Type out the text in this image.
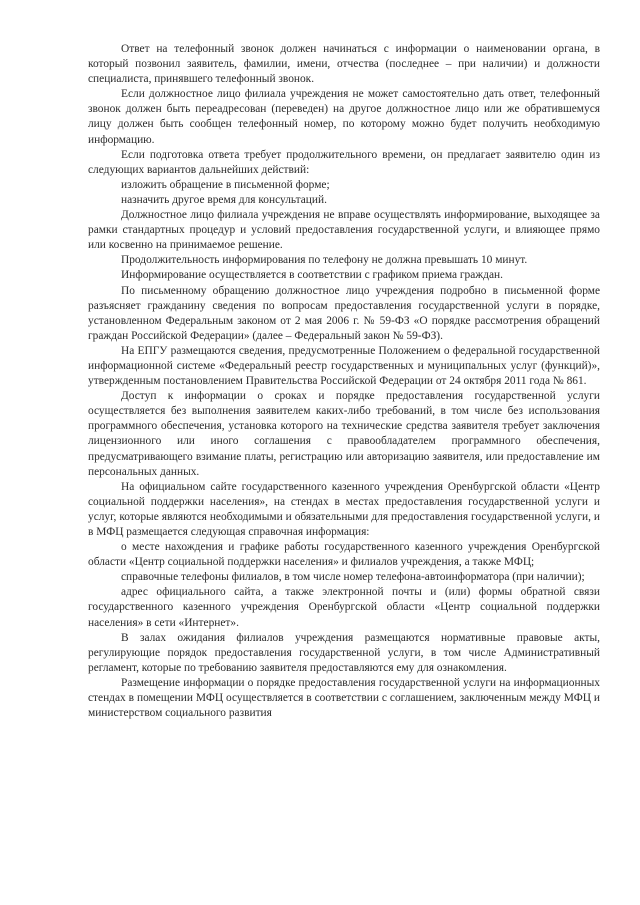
Ответ на телефонный звонок должен начинаться с информации о наименовании органа, в который позвонил заявитель, фамилии, имени, отчества (последнее – при наличии) и должности специалиста, принявшего телефонный звонок.

Если должностное лицо филиала учреждения не может самостоятельно дать ответ, телефонный звонок должен быть переадресован (переведен) на другое должностное лицо или же обратившемуся лицу должен быть сообщен телефонный номер, по которому можно будет получить необходимую информацию.

Если подготовка ответа требует продолжительного времени, он предлагает заявителю один из следующих вариантов дальнейших действий:

изложить обращение в письменной форме;

назначить другое время для консультаций.

Должностное лицо филиала учреждения не вправе осуществлять информирование, выходящее за рамки стандартных процедур и условий предоставления государственной услуги, и влияющее прямо или косвенно на принимаемое решение.

Продолжительность информирования по телефону не должна превышать 10 минут.

Информирование осуществляется в соответствии с графиком приема граждан.

По письменному обращению должностное лицо учреждения подробно в письменной форме разъясняет гражданину сведения по вопросам предоставления государственной услуги в порядке, установленном Федеральным законом от 2 мая 2006 г. № 59-ФЗ «О порядке рассмотрения обращений граждан Российской Федерации» (далее – Федеральный закон № 59-ФЗ).

На ЕПГУ размещаются сведения, предусмотренные Положением о федеральной государственной информационной системе «Федеральный реестр государственных и муниципальных услуг (функций)», утвержденным постановлением Правительства Российской Федерации от 24 октября 2011 года № 861.

Доступ к информации о сроках и порядке предоставления государственной услуги осуществляется без выполнения заявителем каких-либо требований, в том числе без использования программного обеспечения, установка которого на технические средства заявителя требует заключения лицензионного или иного соглашения с правообладателем программного обеспечения, предусматривающего взимание платы, регистрацию или авторизацию заявителя, или предоставление им персональных данных.

На официальном сайте государственного казенного учреждения Оренбургской области «Центр социальной поддержки населения», на стендах в местах предоставления государственной услуги и услуг, которые являются необходимыми и обязательными для предоставления государственной услуги, и в МФЦ размещается следующая справочная информация:

о месте нахождения и графике работы государственного казенного учреждения Оренбургской области «Центр социальной поддержки населения» и филиалов учреждения, а также МФЦ;

справочные телефоны филиалов, в том числе номер телефона-автоинформатора (при наличии);

адрес официального сайта, а также электронной почты и (или) формы обратной связи государственного казенного учреждения Оренбургской области «Центр социальной поддержки населения» в сети «Интернет».

В залах ожидания филиалов учреждения размещаются нормативные правовые акты, регулирующие порядок предоставления государственной услуги, в том числе Административный регламент, которые по требованию заявителя предоставляются ему для ознакомления.

Размещение информации о порядке предоставления государственной услуги на информационных стендах в помещении МФЦ осуществляется в соответствии с соглашением, заключенным между МФЦ и министерством социального развития
